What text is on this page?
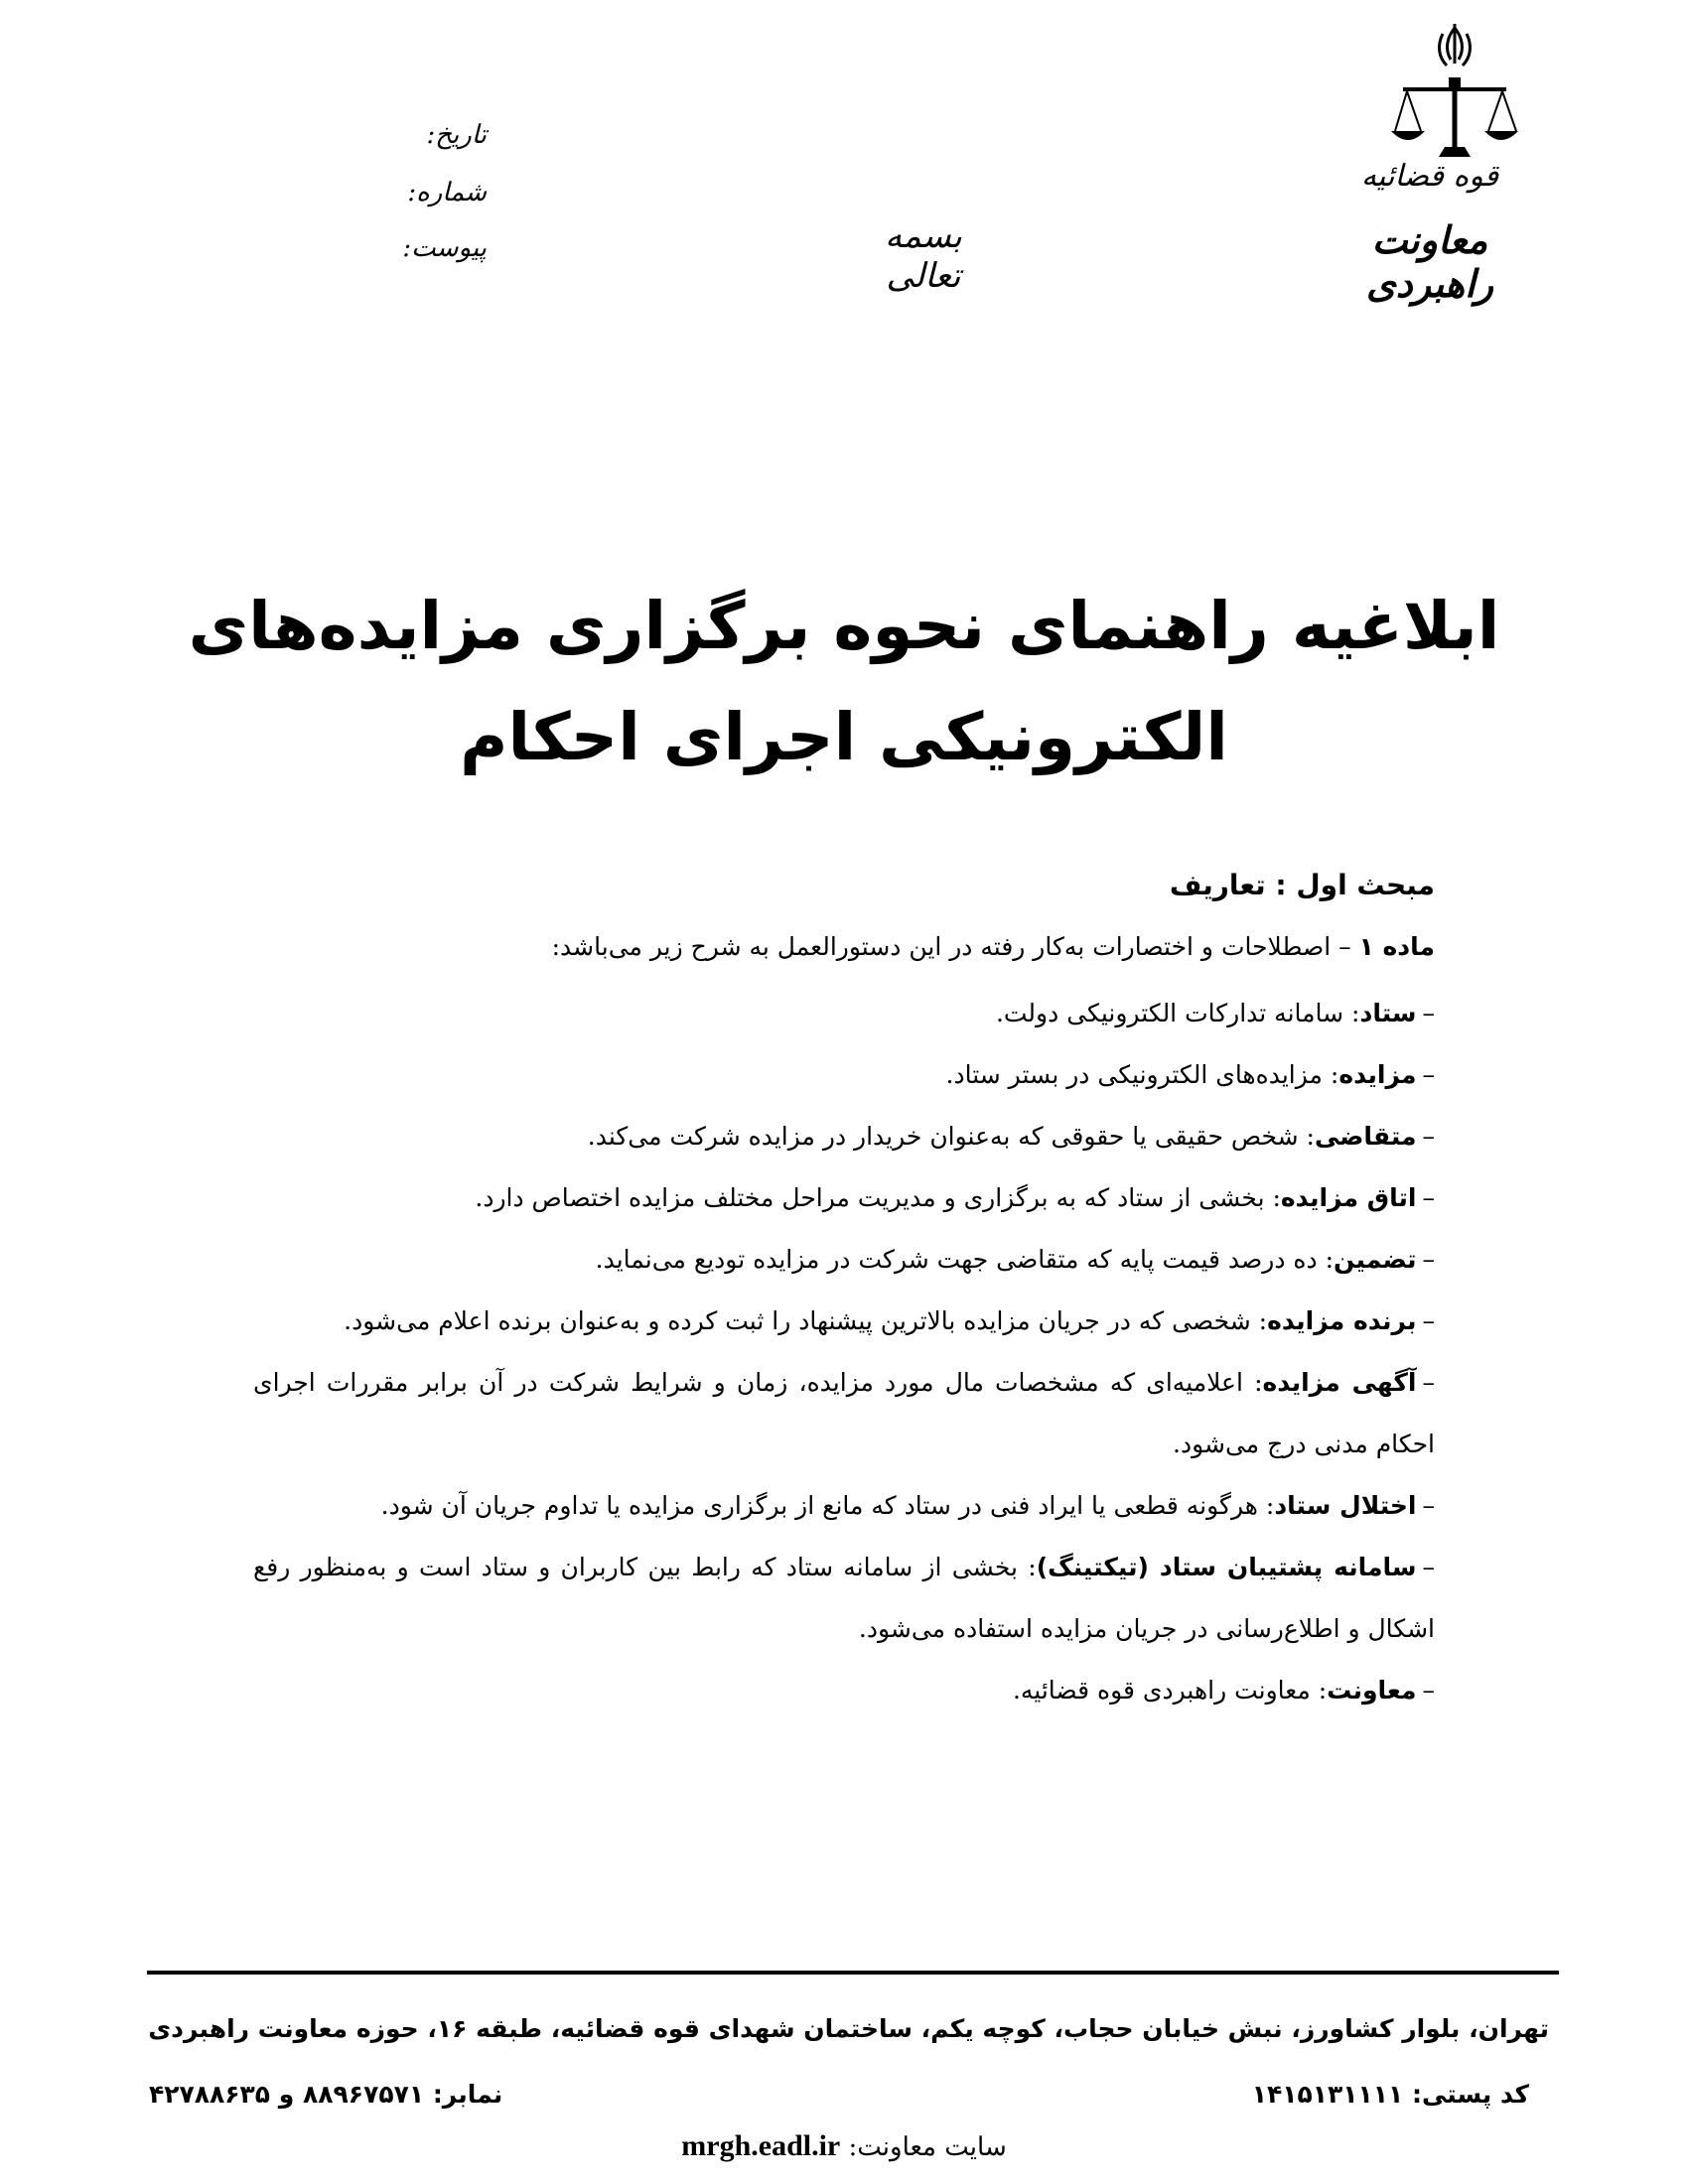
قوه قضائیه
معاونت راهبردی
بسمه تعالی
تاریخ:
شماره:
پیوست:
ابلاغیه راهنمای نحوه برگزاری مزایده‌های
الکترونیکی اجرای احکام
مبحث اول : تعاریف
ماده ۱ – اصطلاحات و اختصارات به‌کار رفته در این دستورالعمل به شرح زیر می‌باشد:
–ستاد: سامانه تدارکات الکترونیکی دولت.
–مزایده: مزایده‌های الکترونیکی در بستر ستاد.
–متقاضی: شخص حقیقی یا حقوقی که به‌عنوان خریدار در مزایده شرکت می‌کند.
–اتاق مزایده: بخشی از ستاد که به برگزاری و مدیریت مراحل مختلف مزایده اختصاص دارد.
–تضمین: ده درصد قیمت پایه که متقاضی جهت شرکت در مزایده تودیع می‌نماید.
–برنده مزایده: شخصی که در جریان مزایده بالاترین پیشنهاد را ثبت کرده و به‌عنوان برنده اعلام می‌شود.
–آگهی مزایده: اعلامیه‌ای که مشخصات مال مورد مزایده، زمان و شرایط شرکت در آن برابر مقررات اجرای احکام مدنی درج می‌شود.
–اختلال ستاد: هرگونه قطعی یا ایراد فنی در ستاد که مانع از برگزاری مزایده یا تداوم جریان آن شود.
–سامانه پشتیبان ستاد (تیکتینگ): بخشی از سامانه ستاد که رابط بین کاربران و ستاد است و به‌منظور رفع اشکال و اطلاع‌رسانی در جریان مزایده استفاده می‌شود.
–معاونت: معاونت راهبردی قوه قضائیه.
تهران، بلوار کشاورز، نبش خیابان حجاب، کوچه یکم، ساختمان شهدای قوه قضائیه، طبقه ۱۶، حوزه معاونت راهبردی
کد پستی: ۱۴۱۵۱۳۱۱۱۱
نمابر: ۸۸۹۶۷۵۷۱ و ۴۲۷۸۸۶۳۵
سایت معاونت: mrgh.eadl.ir
